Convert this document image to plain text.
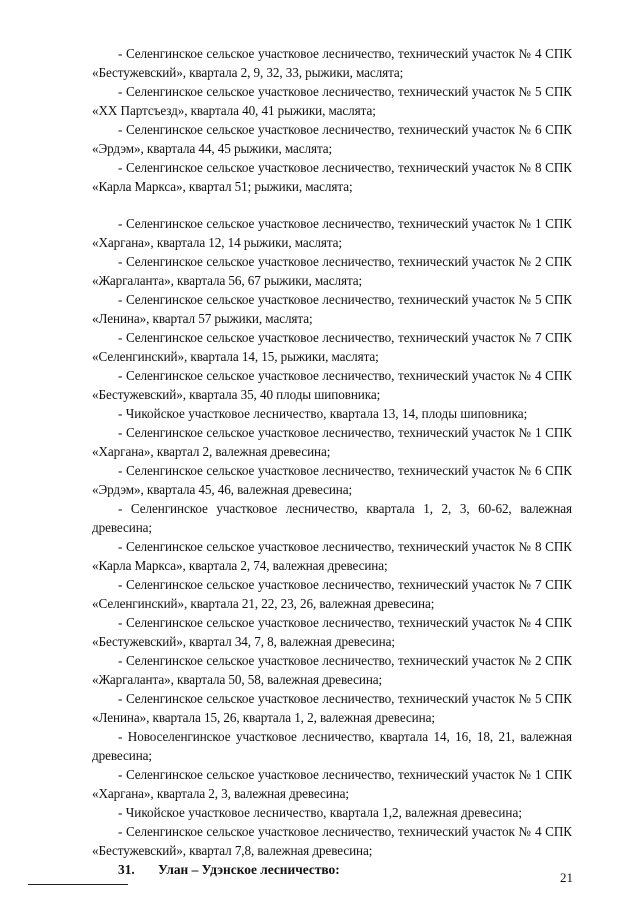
- Селенгинское сельское участковое лесничество, технический участок № 4 СПК «Бестужевский», квартала 2, 9, 32, 33, рыжики, маслята;
- Селенгинское сельское участковое лесничество, технический участок № 5 СПК «XX Партсъезд», квартала 40, 41 рыжики, маслята;
- Селенгинское сельское участковое лесничество, технический участок № 6 СПК «Эрдэм», квартала 44, 45 рыжики, маслята;
- Селенгинское сельское участковое лесничество, технический участок № 8 СПК «Карла Маркса», квартал 51; рыжики, маслята;
- Селенгинское сельское участковое лесничество, технический участок № 1 СПК «Харгана», квартала 12, 14 рыжики, маслята;
- Селенгинское сельское участковое лесничество, технический участок № 2 СПК «Жаргаланта», квартала 56, 67 рыжики, маслята;
- Селенгинское сельское участковое лесничество, технический участок № 5 СПК «Ленина», квартал 57 рыжики, маслята;
- Селенгинское сельское участковое лесничество, технический участок № 7 СПК «Селенгинский», квартала 14, 15, рыжики, маслята;
- Селенгинское сельское участковое лесничество, технический участок № 4 СПК «Бестужевский», квартала 35, 40 плоды шиповника;
- Чикойское участковое лесничество, квартала 13, 14, плоды шиповника;
- Селенгинское сельское участковое лесничество, технический участок № 1 СПК «Харгана», квартал 2, валежная древесина;
- Селенгинское сельское участковое лесничество, технический участок № 6 СПК «Эрдэм», квартала 45, 46, валежная древесина;
- Селенгинское участковое лесничество, квартала 1, 2, 3, 60-62, валежная древесина;
- Селенгинское сельское участковое лесничество, технический участок № 8 СПК «Карла Маркса», квартала 2, 74, валежная древесина;
- Селенгинское сельское участковое лесничество, технический участок № 7 СПК «Селенгинский», квартала 21, 22, 23, 26, валежная древесина;
- Селенгинское сельское участковое лесничество, технический участок № 4 СПК «Бестужевский», квартал 34, 7, 8, валежная древесина;
- Селенгинское сельское участковое лесничество, технический участок № 2 СПК «Жаргаланта», квартала 50, 58, валежная древесина;
- Селенгинское сельское участковое лесничество, технический участок № 5 СПК «Ленина», квартала 15, 26, квартала 1, 2, валежная древесина;
- Новоселенгинское участковое лесничество, квартала 14, 16, 18, 21, валежная древесина;
- Селенгинское сельское участковое лесничество, технический участок № 1 СПК «Харгана», квартала 2, 3, валежная древесина;
- Чикойское участковое лесничество, квартала 1,2, валежная древесина;
- Селенгинское сельское участковое лесничество, технический участок № 4 СПК «Бестужевский», квартал 7,8, валежная древесина;
31. Улан – Удэнское лесничество:
21
